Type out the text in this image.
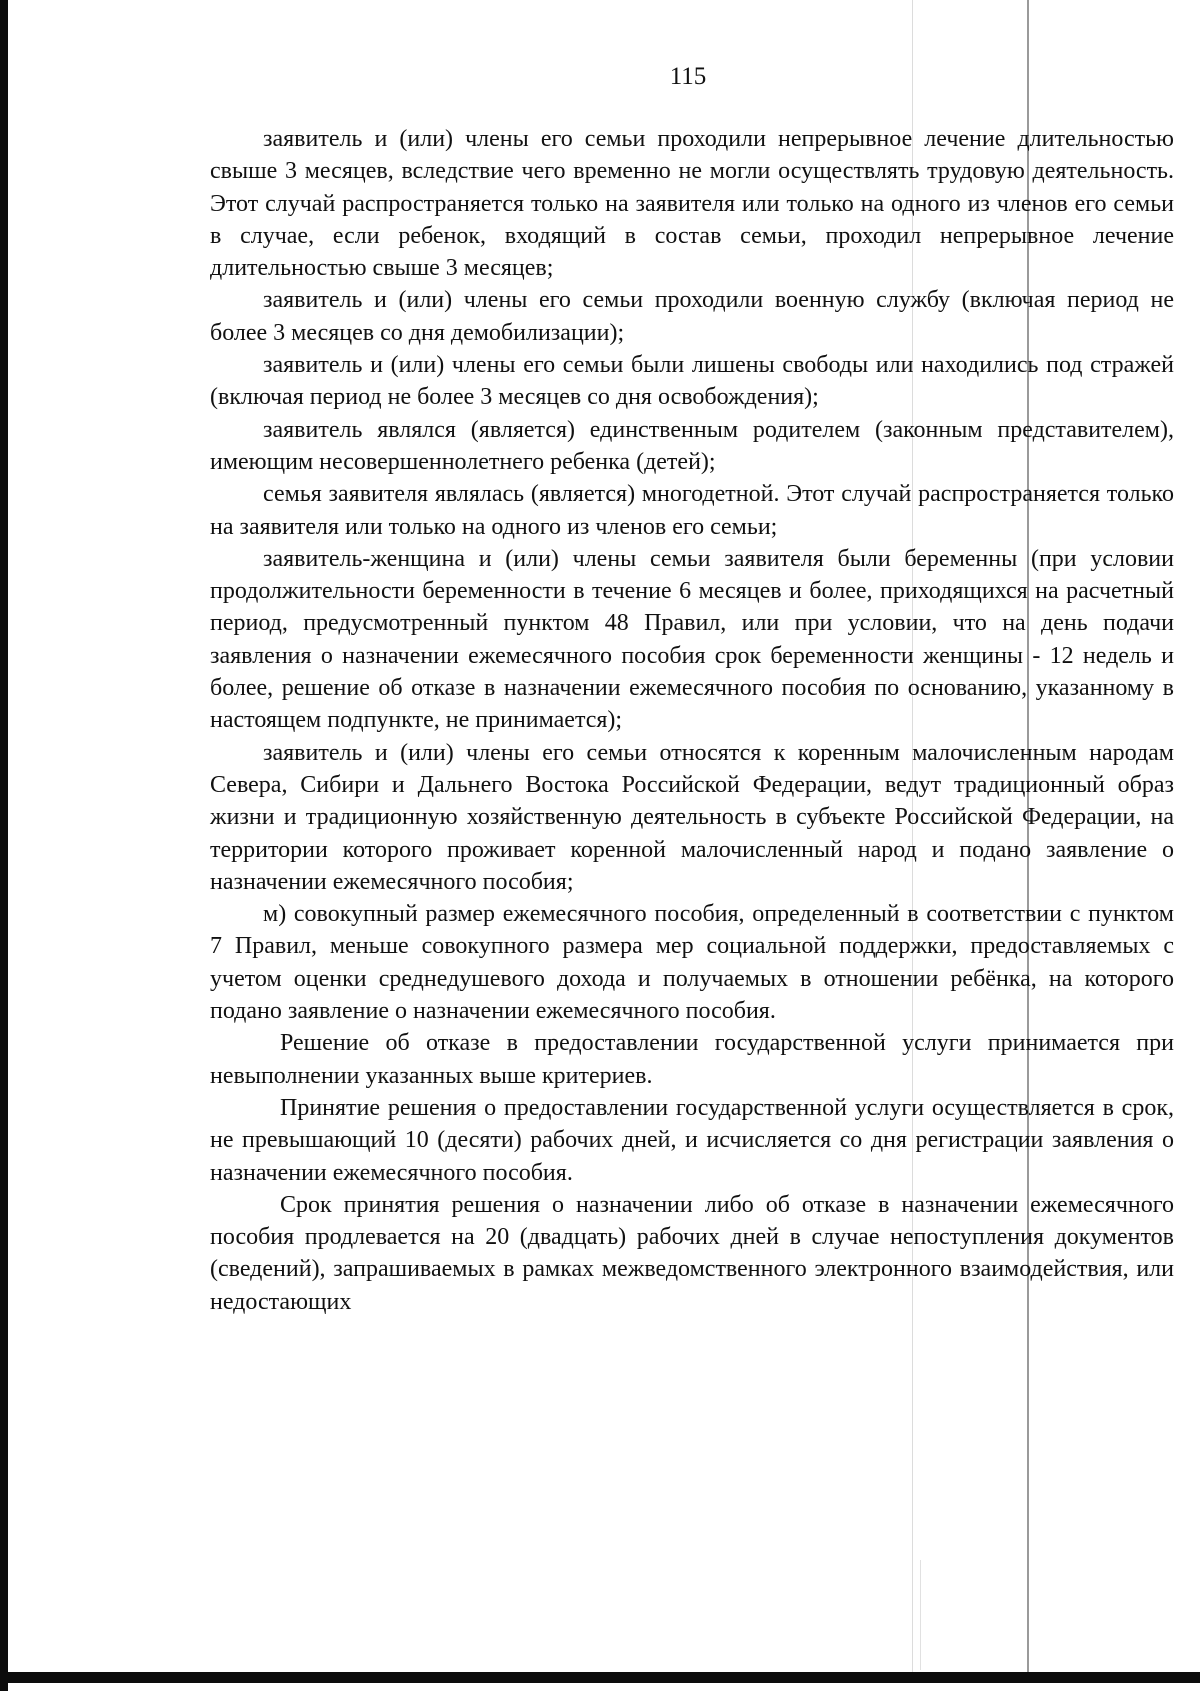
115

заявитель и (или) члены его семьи проходили непрерывное лечение длительностью свыше 3 месяцев, вследствие чего временно не могли осуществлять трудовую деятельность. Этот случай распространяется только на заявителя или только на одного из членов его семьи в случае, если ребенок, входящий в состав семьи, проходил непрерывное лечение длительностью свыше 3 месяцев;

заявитель и (или) члены его семьи проходили военную службу (включая период не более 3 месяцев со дня демобилизации);

заявитель и (или) члены его семьи были лишены свободы или находились под стражей (включая период не более 3 месяцев со дня освобождения);

заявитель являлся (является) единственным родителем (законным представителем), имеющим несовершеннолетнего ребенка (детей);

семья заявителя являлась (является) многодетной. Этот случай распространяется только на заявителя или только на одного из членов его семьи;

заявитель-женщина и (или) члены семьи заявителя были беременны (при условии продолжительности беременности в течение 6 месяцев и более, приходящихся на расчетный период, предусмотренный пунктом 48 Правил, или при условии, что на день подачи заявления о назначении ежемесячного пособия срок беременности женщины - 12 недель и более, решение об отказе в назначении ежемесячного пособия по основанию, указанному в настоящем подпункте, не принимается);

заявитель и (или) члены его семьи относятся к коренным малочисленным народам Севера, Сибири и Дальнего Востока Российской Федерации, ведут традиционный образ жизни и традиционную хозяйственную деятельность в субъекте Российской Федерации, на территории которого проживает коренной малочисленный народ и подано заявление о назначении ежемесячного пособия;

м) совокупный размер ежемесячного пособия, определенный в соответствии с пунктом 7 Правил, меньше совокупного размера мер социальной поддержки, предоставляемых с учетом оценки среднедушевого дохода и получаемых в отношении ребёнка, на которого подано заявление о назначении ежемесячного пособия.

Решение об отказе в предоставлении государственной услуги принимается при невыполнении указанных выше критериев.

Принятие решения о предоставлении государственной услуги осуществляется в срок, не превышающий 10 (десяти) рабочих дней, и исчисляется со дня регистрации заявления о назначении ежемесячного пособия.

Срок принятия решения о назначении либо об отказе в назначении ежемесячного пособия продлевается на 20 (двадцать) рабочих дней в случае непоступления документов (сведений), запрашиваемых в рамках межведомственного электронного взаимодействия, или недостающих
